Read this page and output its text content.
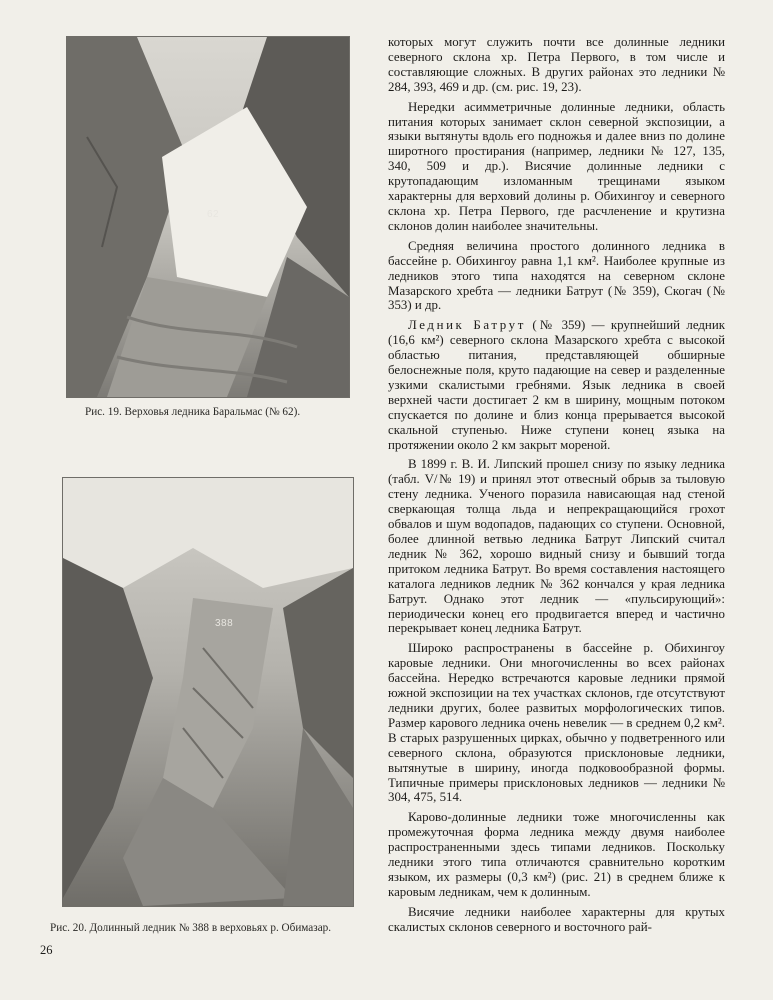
62
Рис. 19. Верховья ледника Баральмас (№ 62).
388
Рис. 20. Долинный ледник № 388 в верховьях р. Обимазар.

которых могут служить почти все долинные ледники северного склона хр. Петра Первого, в том числе и составляющие сложных. В других районах это ледники № 284, 393, 469 и др. (см. рис. 19, 23).

Нередки асимметричные долинные ледники, область питания которых занимает склон северной экспозиции, а языки вытянуты вдоль его подножья и далее вниз по долине широтного простирания (например, ледники № 127, 135, 340, 509 и др.). Висячие долинные ледники с крутопадающим изломанным трещинами языком характерны для верховий долины р. Обихингоу и северного склона хр. Петра Первого, где расчленение и крутизна склонов долин наиболее значительны.

Средняя величина простого долинного ледника в бассейне р. Обихингоу равна 1,1 км². Наиболее крупные из ледников этого типа находятся на северном склоне Мазарского хребта — ледники Батрут (№ 359), Скогач (№ 353) и др.

Ледник Батрут (№ 359) — крупнейший ледник (16,6 км²) северного склона Мазарского хребта с высокой областью питания, представляющей обширные белоснежные поля, круто падающие на север и разделенные узкими скалистыми гребнями. Язык ледника в своей верхней части достигает 2 км в ширину, мощным потоком спускается по долине и близ конца прерывается высокой скальной ступенью. Ниже ступени конец языка на протяжении около 2 км закрыт мореной.

В 1899 г. В. И. Липский прошел снизу по языку ледника (табл. V/№ 19) и принял этот отвесный обрыв за тыловую стену ледника. Ученого поразила нависающая над стеной сверкающая толща льда и непрекращающийся грохот обвалов и шум водопадов, падающих со ступени. Основной, более длинной ветвью ледника Батрут Липский считал ледник № 362, хорошо видный снизу и бывший тогда притоком ледника Батрут. Во время составления настоящего каталога ледников ледник № 362 кончался у края ледника Батрут. Однако этот ледник — «пульсирующий»: периодически конец его продвигается вперед и частично перекрывает конец ледника Батрут.

Широко распространены в бассейне р. Обихингоу каровые ледники. Они многочисленны во всех районах бассейна. Нередко встречаются каровые ледники прямой южной экспозиции на тех участках склонов, где отсутствуют ледники других, более развитых морфологических типов. Размер карового ледника очень невелик — в среднем 0,2 км². В старых разрушенных цирках, обычно у подветренного или северного склона, образуются присклоновые ледники, вытянутые в ширину, иногда подковообразной формы. Типичные примеры присклоновых ледников — ледники № 304, 475, 514.

Карово-долинные ледники тоже многочисленны как промежуточная форма ледника между двумя наиболее распространенными здесь типами ледников. Поскольку ледники этого типа отличаются сравнительно коротким языком, их размеры (0,3 км²) (рис. 21) в среднем ближе к каровым ледникам, чем к долинным.

Висячие ледники наиболее характерны для крутых скалистых склонов северного и восточного рай-

26
